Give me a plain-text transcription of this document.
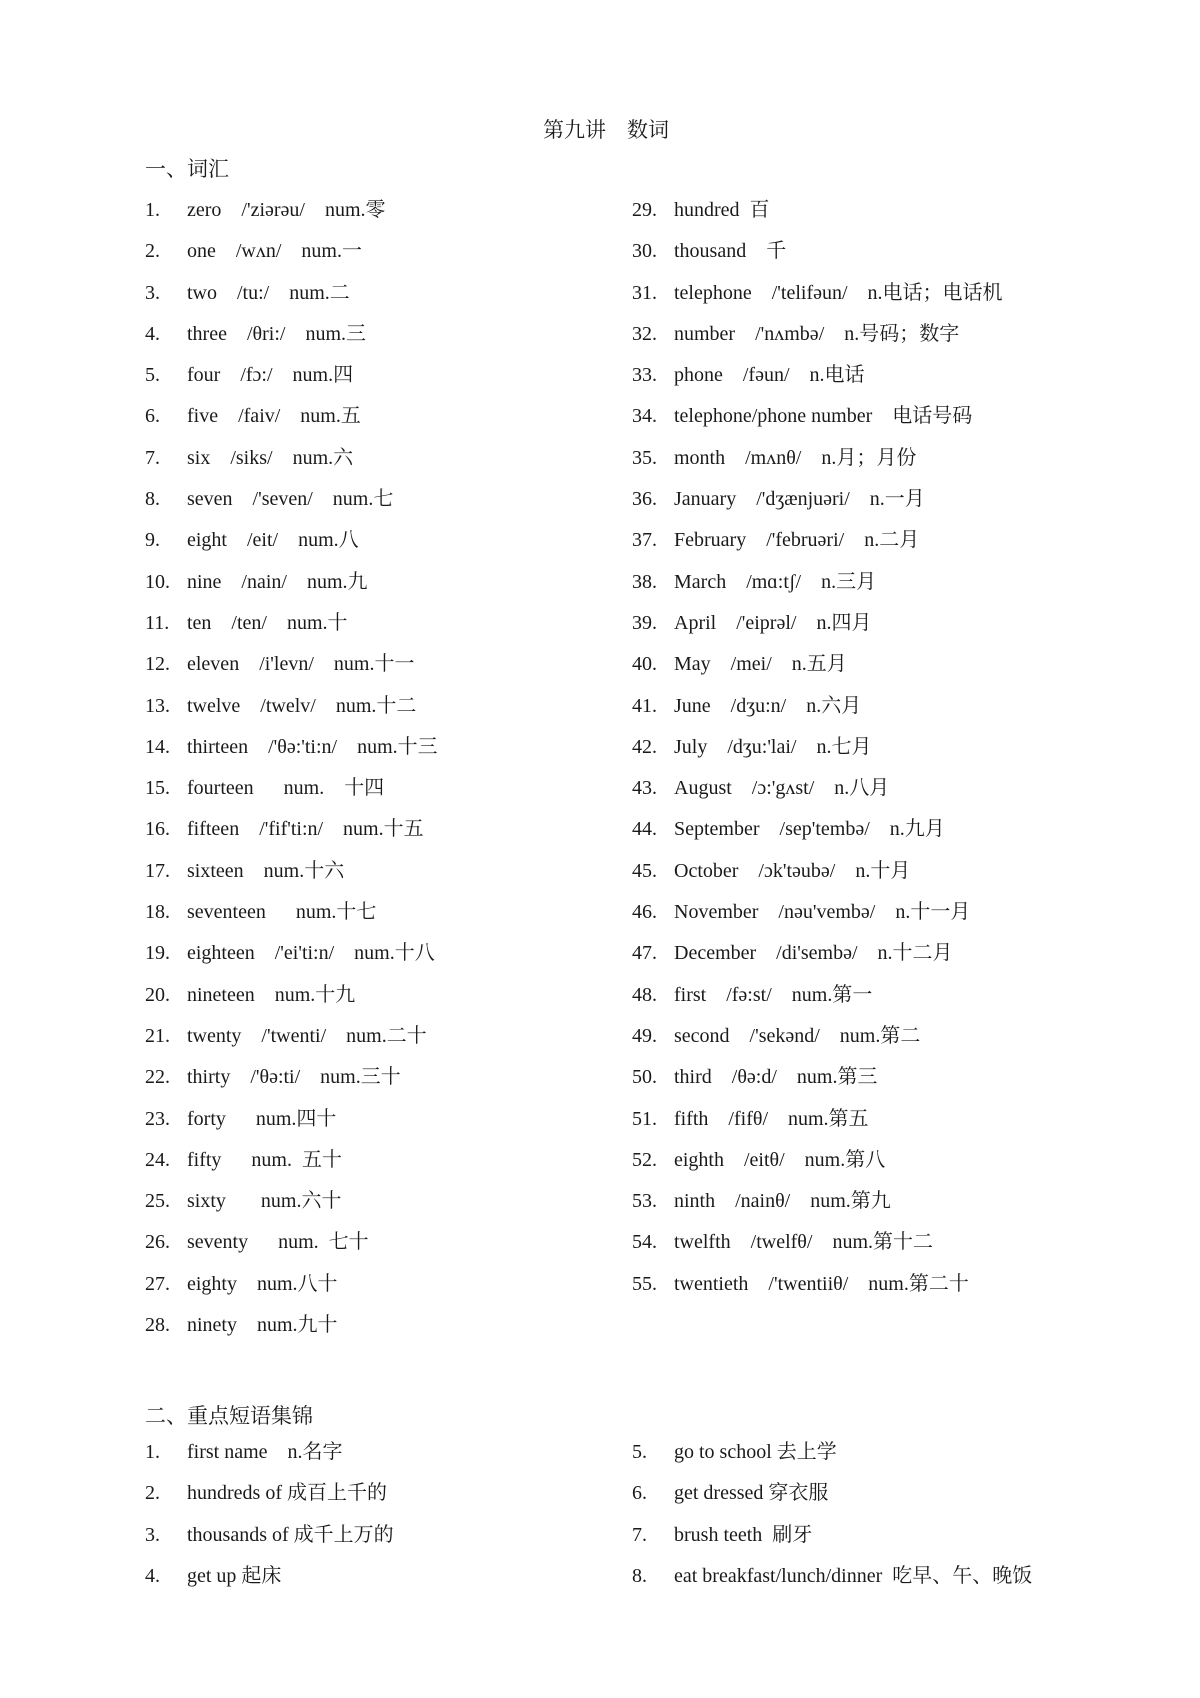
第九讲　数词
一、词汇
1. zero    /'ziərəu/    num.零
2. one    /wʌn/    num.一
3. two    /tu:/    num.二
4. three    /θri:/    num.三
5. four    /fɔ:/    num.四
6. five    /faiv/    num.五
7. six    /siks/    num.六
8. seven    /'seven/    num.七
9. eight    /eit/    num.八
10. nine    /nain/    num.九
11. ten    /ten/    num.十
12. eleven    /i'levn/    num.十一
13. twelve    /twelv/    num.十二
14. thirteen    /'θə:'ti:n/    num.十三
15. fourteen      num.    十四
16. fifteen    /'fif'ti:n/    num.十五
17. sixteen    num.十六
18. seventeen      num.十七
19. eighteen    /'ei'ti:n/    num.十八
20. nineteen    num.十九
21. twenty    /'twenti/    num.二十
22. thirty    /'θə:ti/    num.三十
23. forty      num.四十
24. fifty      num.  五十
25. sixty       num.六十
26. seventy      num.  七十
27. eighty    num.八十
28. ninety    num.九十
29. hundred  百
30. thousand    千
31. telephone    /'telifəun/    n.电话；电话机
32. number    /'nʌmbə/    n.号码；数字
33. phone    /fəun/    n.电话
34. telephone/phone number    电话号码
35. month    /mʌnθ/    n.月；月份
36. January    /'dʒænjuəri/    n.一月
37. February    /'februəri/    n.二月
38. March    /mɑ:tʃ/    n.三月
39. April    /'eiprəl/    n.四月
40. May    /mei/    n.五月
41. June    /dʒu:n/    n.六月
42. July    /dʒu:'lai/    n.七月
43. August    /ɔ:'gʌst/    n.八月
44. September    /sep'tembə/    n.九月
45. October    /ɔk'təubə/    n.十月
46. November    /nəu'vembə/    n.十一月
47. December    /di'sembə/    n.十二月
48. first    /fə:st/    num.第一
49. second    /'sekənd/    num.第二
50. third    /θə:d/    num.第三
51. fifth    /fifθ/    num.第五
52. eighth    /eitθ/    num.第八
53. ninth    /nainθ/    num.第九
54. twelfth    /twelfθ/    num.第十二
55. twentieth    /'twentiiθ/    num.第二十
二、重点短语集锦
1. first name    n.名字
2. hundreds of 成百上千的
3. thousands of 成千上万的
4. get up 起床
5. go to school 去上学
6. get dressed 穿衣服
7. brush teeth  刷牙
8. eat breakfast/lunch/dinner  吃早、午、晚饭
